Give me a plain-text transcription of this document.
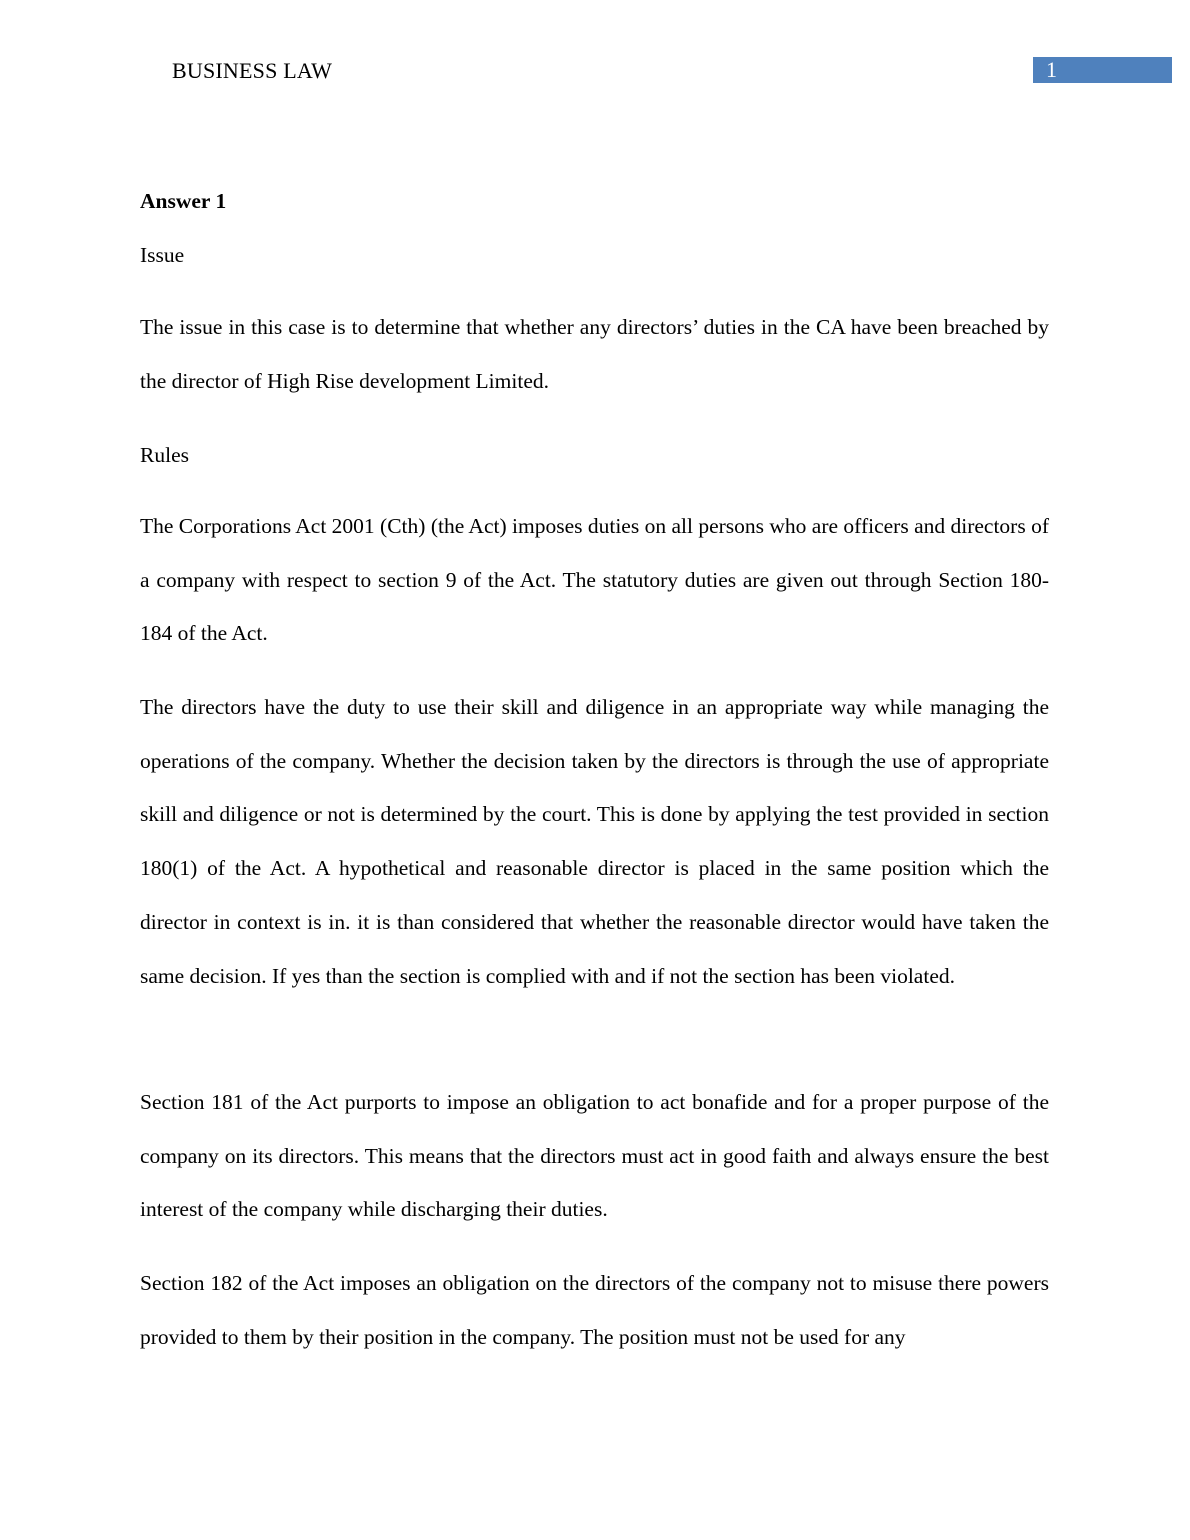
BUSINESS LAW	1
Answer 1
Issue
The issue in this case is to determine that whether any directors’ duties in the CA have been breached by the director of High Rise development Limited.
Rules
The Corporations Act 2001 (Cth) (the Act) imposes duties on all persons who are officers and directors of a company with respect to section 9 of the Act. The statutory duties are given out through Section 180-184 of the Act.
The directors have the duty to use their skill and diligence in an appropriate way while managing the operations of the company. Whether the decision taken by the directors is through the use of appropriate skill and diligence or not is determined by the court. This is done by applying the test provided in section 180(1) of the Act. A hypothetical and reasonable director is placed in the same position which the director in context is in. it is than considered that whether the reasonable director would have taken the same decision. If yes than the section is complied with and if not the section has been violated.
Section 181 of the Act purports to impose an obligation to act bonafide and for a proper purpose of the company on its directors. This means that the directors must act in good faith and always ensure the best interest of the company while discharging their duties.
Section 182 of the Act imposes an obligation on the directors of the company not to misuse there powers provided to them by their position in the company. The position must not be used for any
